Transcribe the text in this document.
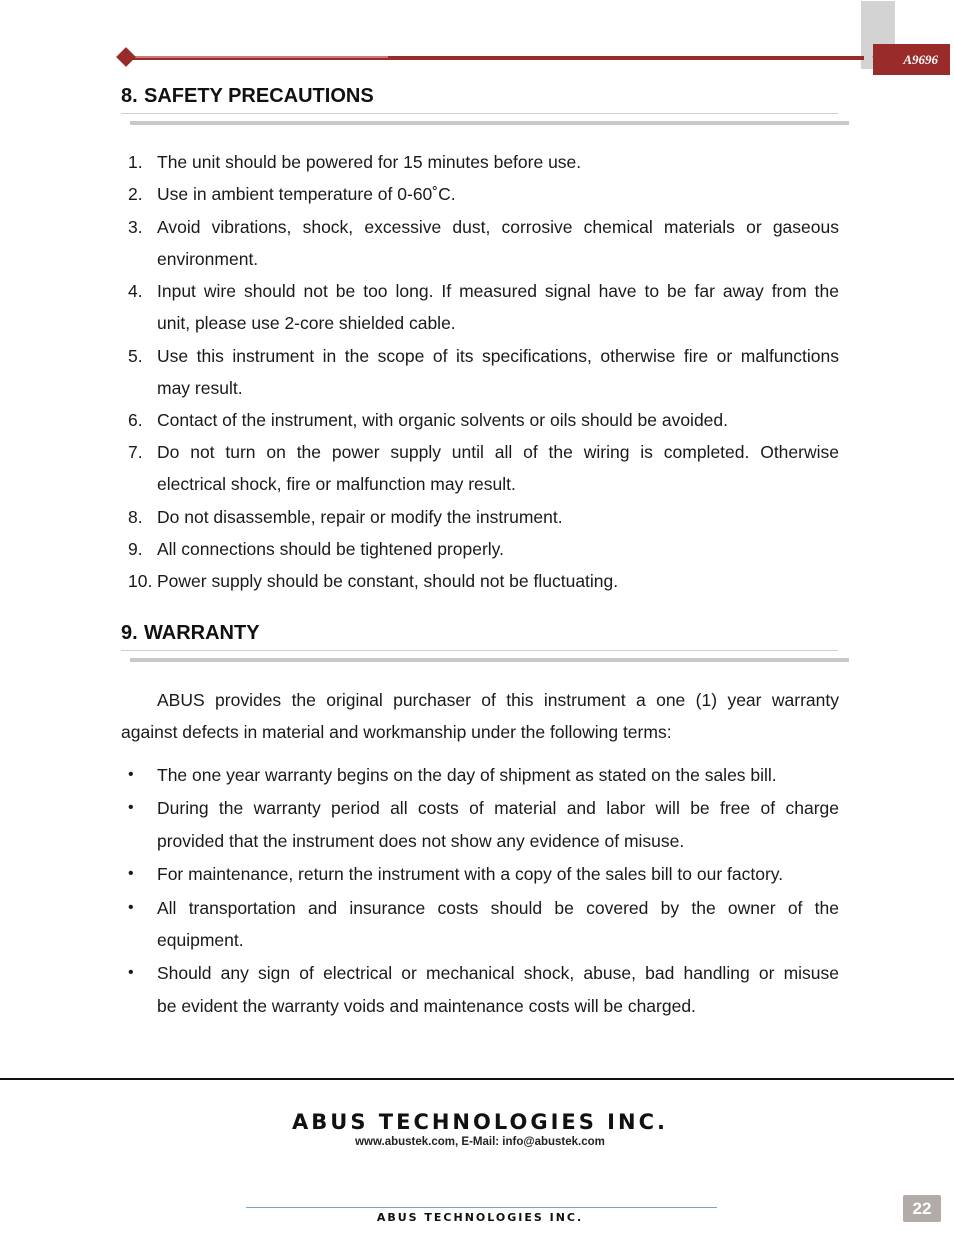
A9696
8. SAFETY PRECAUTIONS
1. The unit should be powered for 15 minutes before use.
2. Use in ambient temperature of 0-60˚C.
3. Avoid vibrations, shock, excessive dust, corrosive chemical materials or gaseous
environment.
4. Input wire should not be too long. If measured signal have to be far away from the
unit, please use 2-core shielded cable.
5. Use this instrument in the scope of its specifications, otherwise fire or malfunctions
may result.
6. Contact of the instrument, with organic solvents or oils should be avoided.
7. Do not turn on the power supply until all of the wiring is completed. Otherwise
electrical shock, fire or malfunction may result.
8. Do not disassemble, repair or modify the instrument.
9. All connections should be tightened properly.
10. Power supply should be constant, should not be fluctuating.
9. WARRANTY
ABUS provides the original purchaser of this instrument a one (1) year warranty
against defects in material and workmanship under the following terms:
• The one year warranty begins on the day of shipment as stated on the sales bill.
• During the warranty period all costs of material and labor will be free of charge
provided that the instrument does not show any evidence of misuse.
• For maintenance, return the instrument with a copy of the sales bill to our factory.
• All transportation and insurance costs should be covered by the owner of the
equipment.
• Should any sign of electrical or mechanical shock, abuse, bad handling or misuse
be evident the warranty voids and maintenance costs will be charged.
ABUS TECHNOLOGIES INC.
www.abustek.com, E-Mail: info@abustek.com
ABUS TECHNOLOGIES INC.	22
